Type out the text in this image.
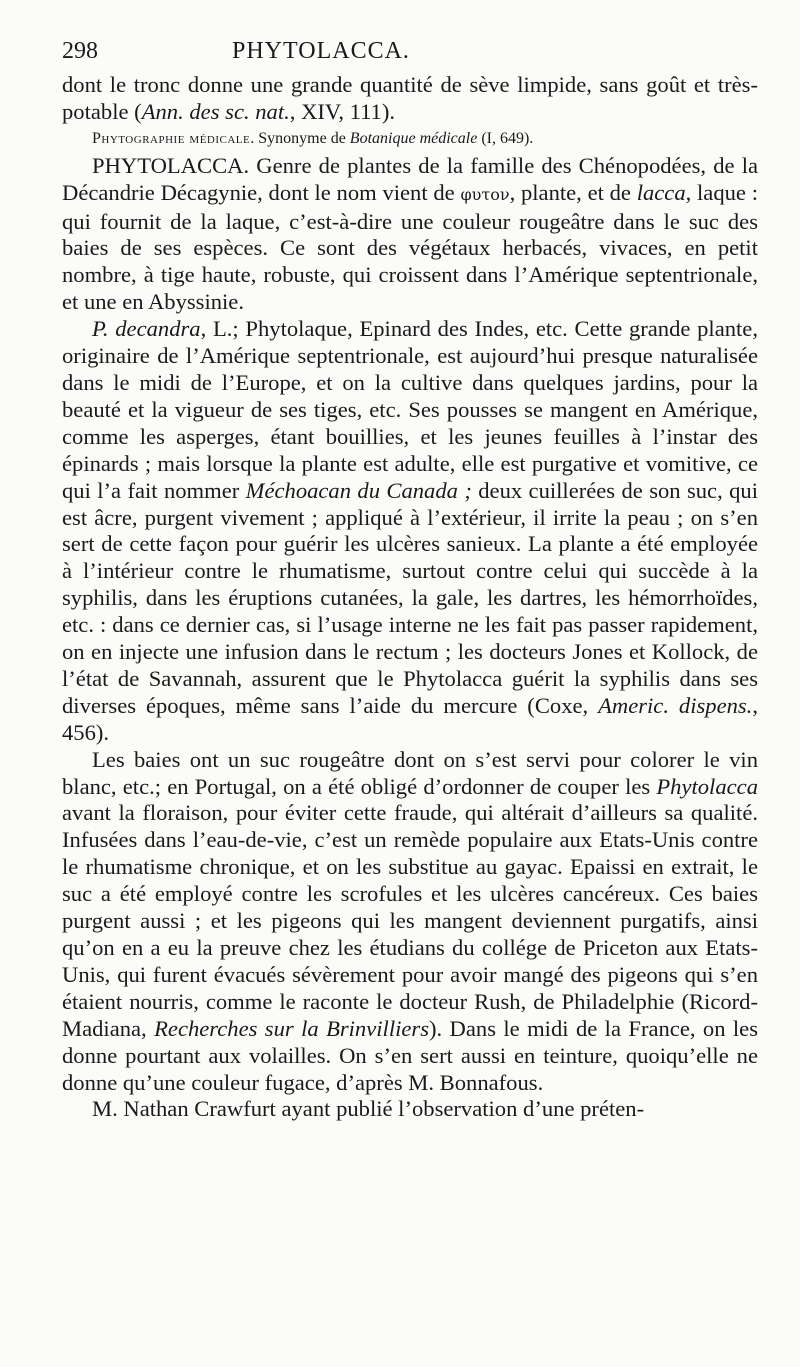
298	PHYTOLACCA.

dont le tronc donne une grande quantité de sève limpide, sans goût et très-potable (Ann. des sc. nat., XIV, 111).

Phytographie médicale. Synonyme de Botanique médicale (I, 649).

PHYTOLACCA. Genre de plantes de la famille des Chénopodées, de la Décandrie Décagynie, dont le nom vient de φυτον, plante, et de lacca, laque : qui fournit de la laque, c’est-à-dire une couleur rougeâtre dans le suc des baies de ses espèces. Ce sont des végétaux herbacés, vivaces, en petit nombre, à tige haute, robuste, qui croissent dans l’Amérique septentrionale, et une en Abyssinie.

P. decandra, L.; Phytolaque, Epinard des Indes, etc. Cette grande plante, originaire de l’Amérique septentrionale, est aujourd’hui presque naturalisée dans le midi de l’Europe, et on la cultive dans quelques jardins, pour la beauté et la vigueur de ses tiges, etc. Ses pousses se mangent en Amérique, comme les asperges, étant bouillies, et les jeunes feuilles à l’instar des épinards ; mais lorsque la plante est adulte, elle est purgative et vomitive, ce qui l’a fait nommer Méchoacan du Canada ; deux cuillerées de son suc, qui est âcre, purgent vivement ; appliqué à l’extérieur, il irrite la peau ; on s’en sert de cette façon pour guérir les ulcères sanieux. La plante a été employée à l’intérieur contre le rhumatisme, surtout contre celui qui succède à la syphilis, dans les éruptions cutanées, la gale, les dartres, les hémorrhoïdes, etc. : dans ce dernier cas, si l’usage interne ne les fait pas passer rapidement, on en injecte une infusion dans le rectum ; les docteurs Jones et Kollock, de l’état de Savannah, assurent que le Phytolacca guérit la syphilis dans ses diverses époques, même sans l’aide du mercure (Coxe, Americ. dispens., 456).

Les baies ont un suc rougeâtre dont on s’est servi pour colorer le vin blanc, etc.; en Portugal, on a été obligé d’ordonner de couper les Phytolacca avant la floraison, pour éviter cette fraude, qui altérait d’ailleurs sa qualité. Infusées dans l’eau-de-vie, c’est un remède populaire aux Etats-Unis contre le rhumatisme chronique, et on les substitue au gayac. Epaissi en extrait, le suc a été employé contre les scrofules et les ulcères cancéreux. Ces baies purgent aussi ; et les pigeons qui les mangent deviennent purgatifs, ainsi qu’on en a eu la preuve chez les étudians du collége de Priceton aux Etats-Unis, qui furent évacués sévèrement pour avoir mangé des pigeons qui s’en étaient nourris, comme le raconte le docteur Rush, de Philadelphie (Ricord-Madiana, Recherches sur la Brinvilliers). Dans le midi de la France, on les donne pourtant aux volailles. On s’en sert aussi en teinture, quoiqu’elle ne donne qu’une couleur fugace, d’après M. Bonnafous.

M. Nathan Crawfurt ayant publié l’observation d’une préten-
